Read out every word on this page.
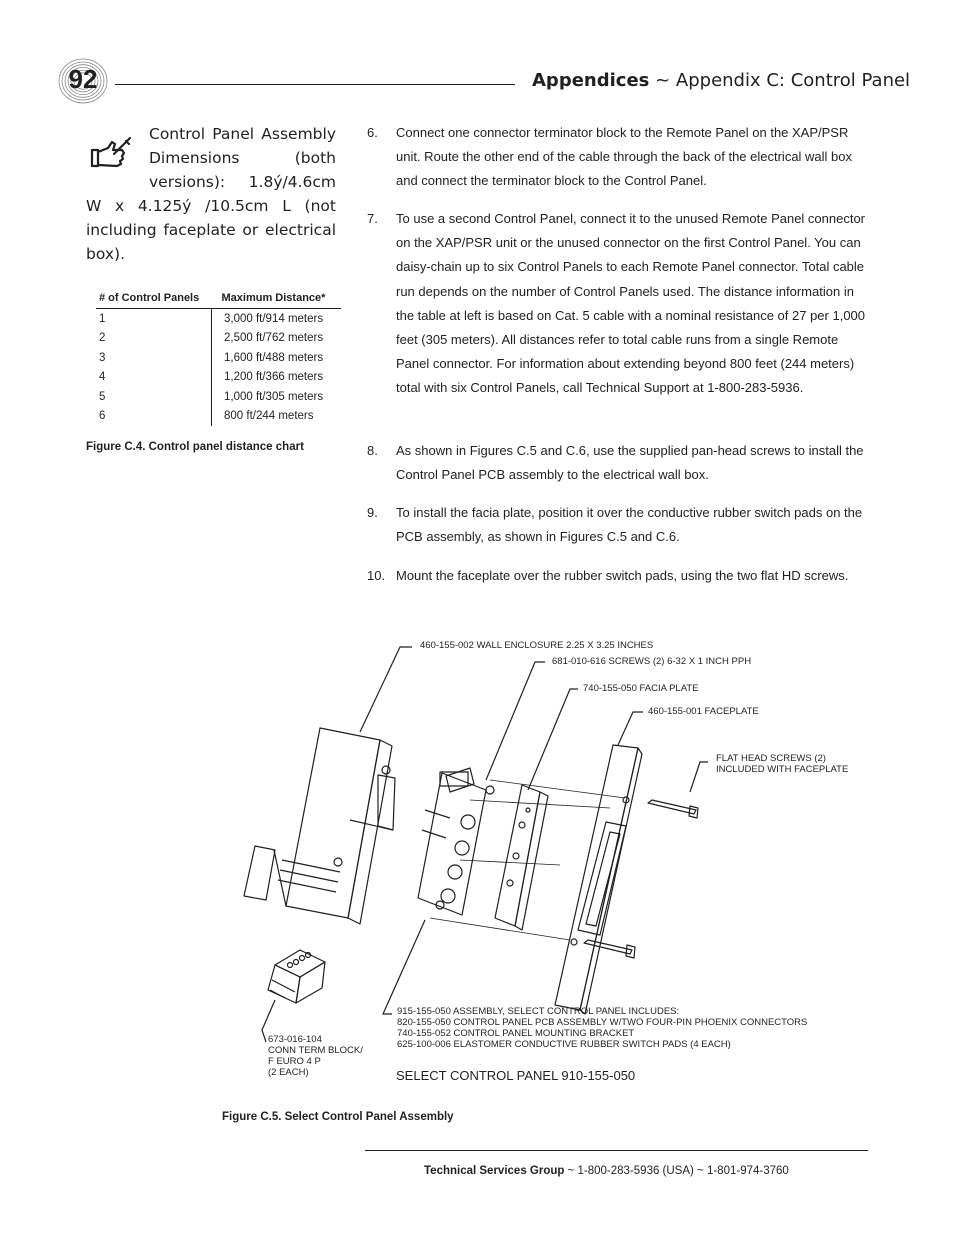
92	Appendices ~ Appendix C: Control Panel
Control Panel Assembly Dimensions (both versions): 1.8ý/4.6cm W x 4.125ý /10.5cm L (not including faceplate or electrical box).
# of Control Panels	Maximum Distance*
1	3,000 ft/914 meters
2	2,500 ft/762 meters
3	1,600 ft/488 meters
4	1,200 ft/366 meters
5	1,000 ft/305 meters
6	800 ft/244 meters
Figure C.4. Control panel distance chart
6. Connect one connector terminator block to the Remote Panel on the XAP/PSR unit. Route the other end of the cable through the back of the electrical wall box and connect the terminator block to the Control Panel.
7. To use a second Control Panel, connect it to the unused Remote Panel connector on the XAP/PSR unit or the unused connector on the first Control Panel. You can daisy-chain up to six Control Panels to each Remote Panel connector. Total cable run depends on the number of Control Panels used. The distance information in the table at left is based on Cat. 5 cable with a nominal resistance of 27 per 1,000 feet (305 meters). All distances refer to total cable runs from a single Remote Panel connector. For information about extending beyond 800 feet (244 meters) total with six Control Panels, call Technical Support at 1-800-283-5936.
8. As shown in Figures C.5 and C.6, use the supplied pan-head screws to install the Control Panel PCB assembly to the electrical wall box.
9. To install the facia plate, position it over the conductive rubber switch pads on the PCB assembly, as shown in Figures C.5 and C.6.
10. Mount the faceplate over the rubber switch pads, using the two flat HD screws.
460-155-002 WALL ENCLOSURE 2.25 X 3.25 INCHES
681-010-616 SCREWS (2) 6-32 X 1 INCH PPH
740-155-050 FACIA PLATE
460-155-001 FACEPLATE
FLAT HEAD SCREWS (2)
INCLUDED WITH FACEPLATE
915-155-050 ASSEMBLY, SELECT CONTROL PANEL INCLUDES:
820-155-050 CONTROL PANEL PCB ASSEMBLY W/TWO FOUR-PIN PHOENIX CONNECTORS
740-155-052 CONTROL PANEL MOUNTING BRACKET
625-100-006 ELASTOMER CONDUCTIVE RUBBER SWITCH PADS (4 EACH)
673-016-104
CONN TERM BLOCK/
F EURO 4 P
(2 EACH)	SELECT CONTROL PANEL 910-155-050
Figure C.5. Select Control Panel Assembly
Technical Services Group ~ 1-800-283-5936 (USA) ~ 1-801-974-3760
